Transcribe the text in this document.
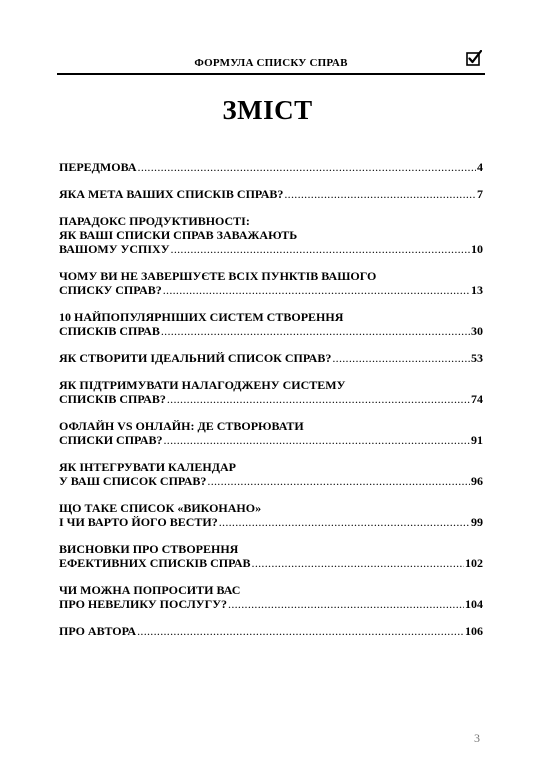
ФОРМУЛА СПИСКУ СПРАВ
ЗМІСТ
ПЕРЕДМОВА .....	4
ЯКА МЕТА ВАШИХ СПИСКІВ СПРАВ? .....	7
ПАРАДОКС ПРОДУКТИВНОСТІ:
ЯК ВАШІ СПИСКИ СПРАВ ЗАВАЖАЮТЬ
ВАШОМУ УСПІХУ .....	10
ЧОМУ ВИ НЕ ЗАВЕРШУЄТЕ ВСІХ ПУНКТІВ ВАШОГО
СПИСКУ СПРАВ? .....	13
10 НАЙПОПУЛЯРНІШИХ СИСТЕМ СТВОРЕННЯ
СПИСКІВ СПРАВ .....	30
ЯК СТВОРИТИ ІДЕАЛЬНИЙ СПИСОК СПРАВ? .....	53
ЯК ПІДТРИМУВАТИ НАЛАГОДЖЕНУ СИСТЕМУ
СПИСКІВ СПРАВ? .....	74
ОФЛАЙН VS ОНЛАЙН: ДЕ СТВОРЮВАТИ
СПИСКИ СПРАВ? .....	91
ЯК ІНТЕГРУВАТИ КАЛЕНДАР
У ВАШ СПИСОК СПРАВ? .....	96
ЩО ТАКЕ СПИСОК «ВИКОНАНО»
І ЧИ ВАРТО ЙОГО ВЕСТИ? .....	99
ВИСНОВКИ ПРО СТВОРЕННЯ
ЕФЕКТИВНИХ СПИСКІВ СПРАВ .....	102
ЧИ МОЖНА ПОПРОСИТИ ВАС
ПРО НЕВЕЛИКУ ПОСЛУГУ? .....	104
ПРО АВТОРА .....	106
3
